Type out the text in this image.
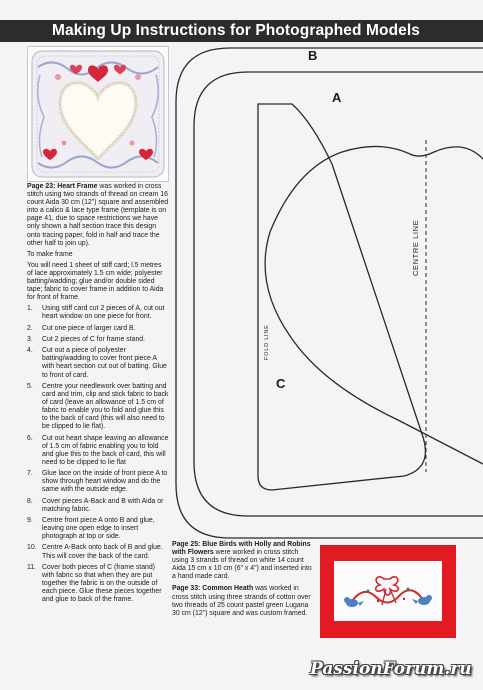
Making Up Instructions for Photographed Models

Page 23: Heart Frame was worked in cross stitch using two strands of thread on cream 16 count Aida 30 cm (12") square and assembled into a calico & lace type frame (template is on page 41, due to space restrictions we have only shown a half section trace this design onto tracing paper, fold in half and trace the other half to join up).

To make frame

You will need 1 sheet of stiff card; l.5 metres of lace approximately 1.5 cm wide; polyester batting/wadding; glue and/or double sided tape; fabric to cover frame in addition to Aida for front of frame.

1.	Using stiff card cut 2 pieces of A, cut out heart window on one piece for front.
2.	Cut one piece of larger card B.
3.	Cut 2 pieces of C for frame stand.
4.	Cut out a piece of polyester batting/wadding to cover front piece A with heart section cut out of batting. Glue to front of card.
5.	Centre your needlework over batting and card and trim, clip and stick fabric to back of card (leave an allowance of 1.5 cm of fabric to enable you to fold and glue this to the back of card (this will also need to be clipped to lie flat).
6.	Cut out heart shape leaving an allowance of 1.5 cm of fabric enabling you to fold and glue this to the back of card, this will need to be clipped to lie flat
7.	Glue lace on the inside of front piece A to show through heart window and do the same with the outside edge.
8.	Cover pieces A-Back and B with Aida or matching fabric.
9.	Centre front piece A onto B and glue, leaving one open edge to insert photograph at top or side.
10. Centre A-Back onto back of B and glue. This will cover the back of the card.
11. Cover both pieces of C (frame stand) with fabric so that when they are put together the fabric is on the outside of each piece. Glue these pieces together and glue to back of the frame.
B
A
C
CENTRE LINE
FOLD LINE

Page 25: Blue Birds with Holly and Robins with Flowers were worked in cross stitch using 3 strands of thread on white 14 count Aida 15 cm x 10 cm (6" x 4") and inserted into a hand made card.

Page 33: Common Heath was worked in cross stitch using three strands of cotton over two threads of 25 count pastel green Lugana 30 cm (12") square and was custom framed.

PassionForum.ru
